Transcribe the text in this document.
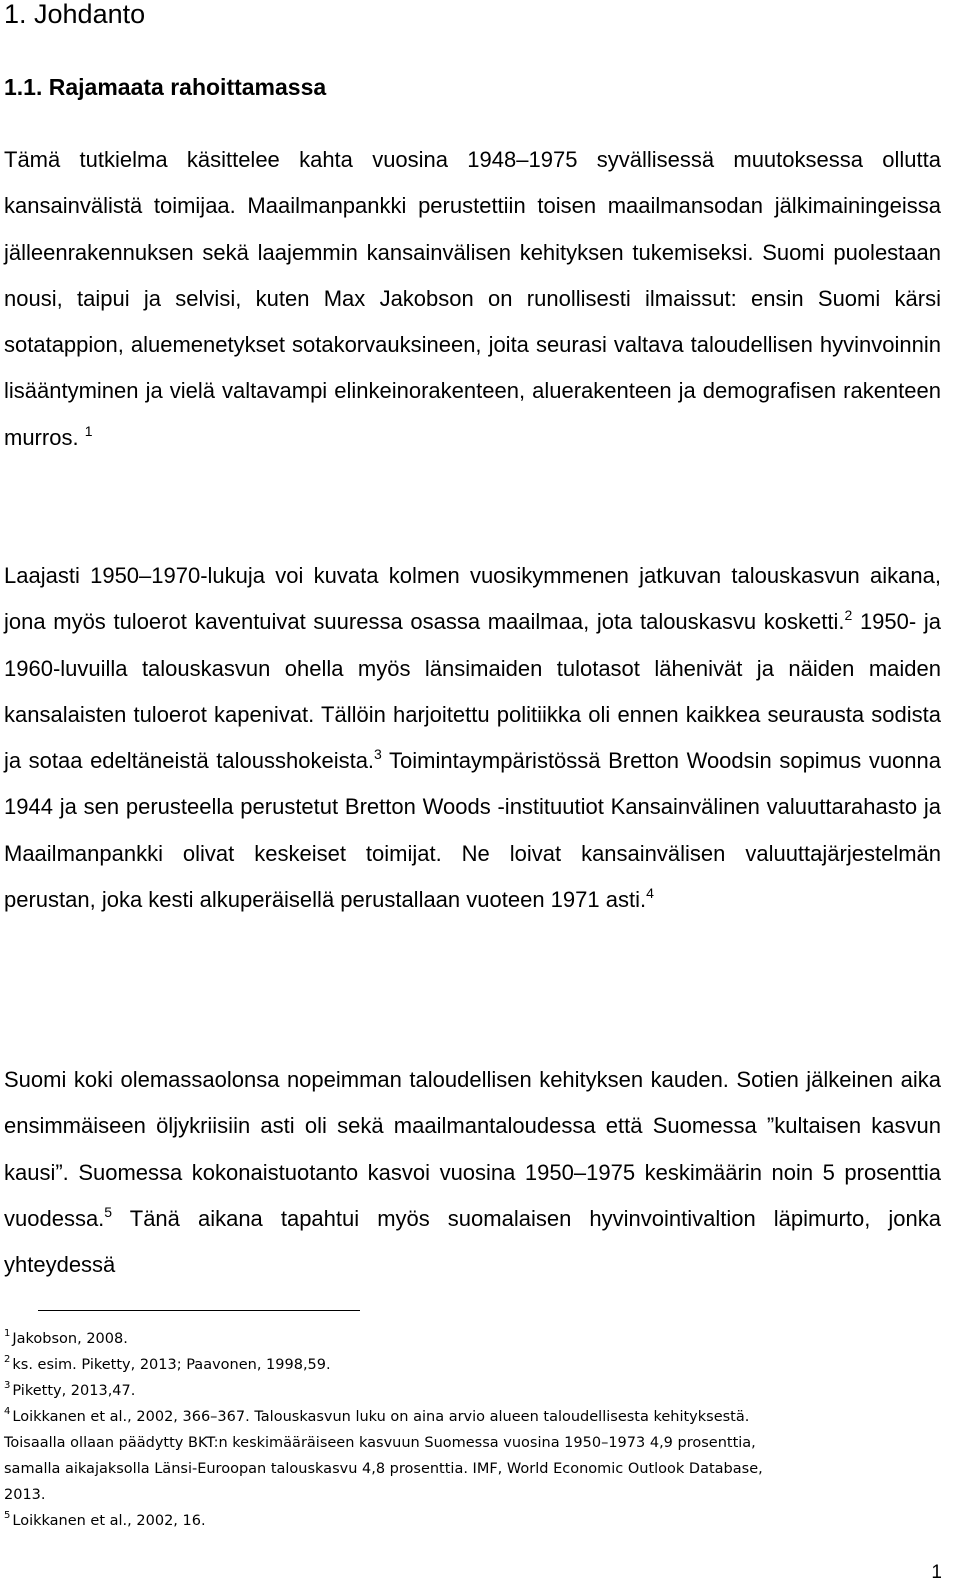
1. Johdanto
1.1. Rajamaata rahoittamassa

Tämä tutkielma käsittelee kahta vuosina 1948–1975 syvällisessä muutoksessa ollutta kansainvälistä toimijaa. Maailmanpankki perustettiin toisen maailmansodan jälkimainingeissa jälleenrakennuksen sekä laajemmin kansainvälisen kehityksen tukemiseksi. Suomi puolestaan nousi, taipui ja selvisi, kuten Max Jakobson on runollisesti ilmaissut: ensin Suomi kärsi sotatappion, aluemenetykset sotakorvauksineen, joita seurasi valtava taloudellisen hyvinvoinnin lisääntyminen ja vielä valtavampi elinkeinorakenteen, aluerakenteen ja demografisen rakenteen murros. $^1$

Laajasti 1950–1970-lukuja voi kuvata kolmen vuosikymmenen jatkuvan talouskasvun aikana, jona myös tuloerot kaventuivat suuressa osassa maailmaa, jota talouskasvu kosketti.$^2$ 1950- ja 1960-luvuilla talouskasvun ohella myös länsimaiden tulotasot lähenivät ja näiden maiden kansalaisten tuloerot kapenivat. Tällöin harjoitettu politiikka oli ennen kaikkea seurausta sodista ja sotaa edeltäneistä talousshokeista.$^3$ Toimintaympäristössä Bretton Woodsin sopimus vuonna 1944 ja sen perusteella perustetut Bretton Woods -instituutiot Kansainvälinen valuuttarahasto ja Maailmanpankki olivat keskeiset toimijat. Ne loivat kansainvälisen valuuttajärjestelmän perustan, joka kesti alkuperäisellä perustallaan vuoteen 1971 asti.$^4$

Suomi koki olemassaolonsa nopeimman taloudellisen kehityksen kauden. Sotien jälkeinen aika ensimmäiseen öljykriisiin asti oli sekä maailmantaloudessa että Suomessa ”kultaisen kasvun kausi”. Suomessa kokonaistuotanto kasvoi vuosina 1950–1975 keskimäärin noin 5 prosenttia vuodessa.$^5$ Tänä aikana tapahtui myös suomalaisen hyvinvointivaltion läpimurto, jonka yhteydessä

$^1$ Jakobson, 2008.

$^2$ ks. esim. Piketty, 2013; Paavonen, 1998,59.

$^3$ Piketty, 2013,47.

$^4$ Loikkanen et al., 2002, 366–367. Talouskasvun luku on aina arvio alueen taloudellisesta kehityksestä.

Toisaalla ollaan päädytty BKT:n keskimääräiseen kasvuun Suomessa vuosina 1950–1973 4,9 prosenttia,

samalla aikajaksolla Länsi-Euroopan talouskasvu 4,8 prosenttia. IMF, World Economic Outlook Database,

2013.

$^5$ Loikkanen et al., 2002, 16.

1
